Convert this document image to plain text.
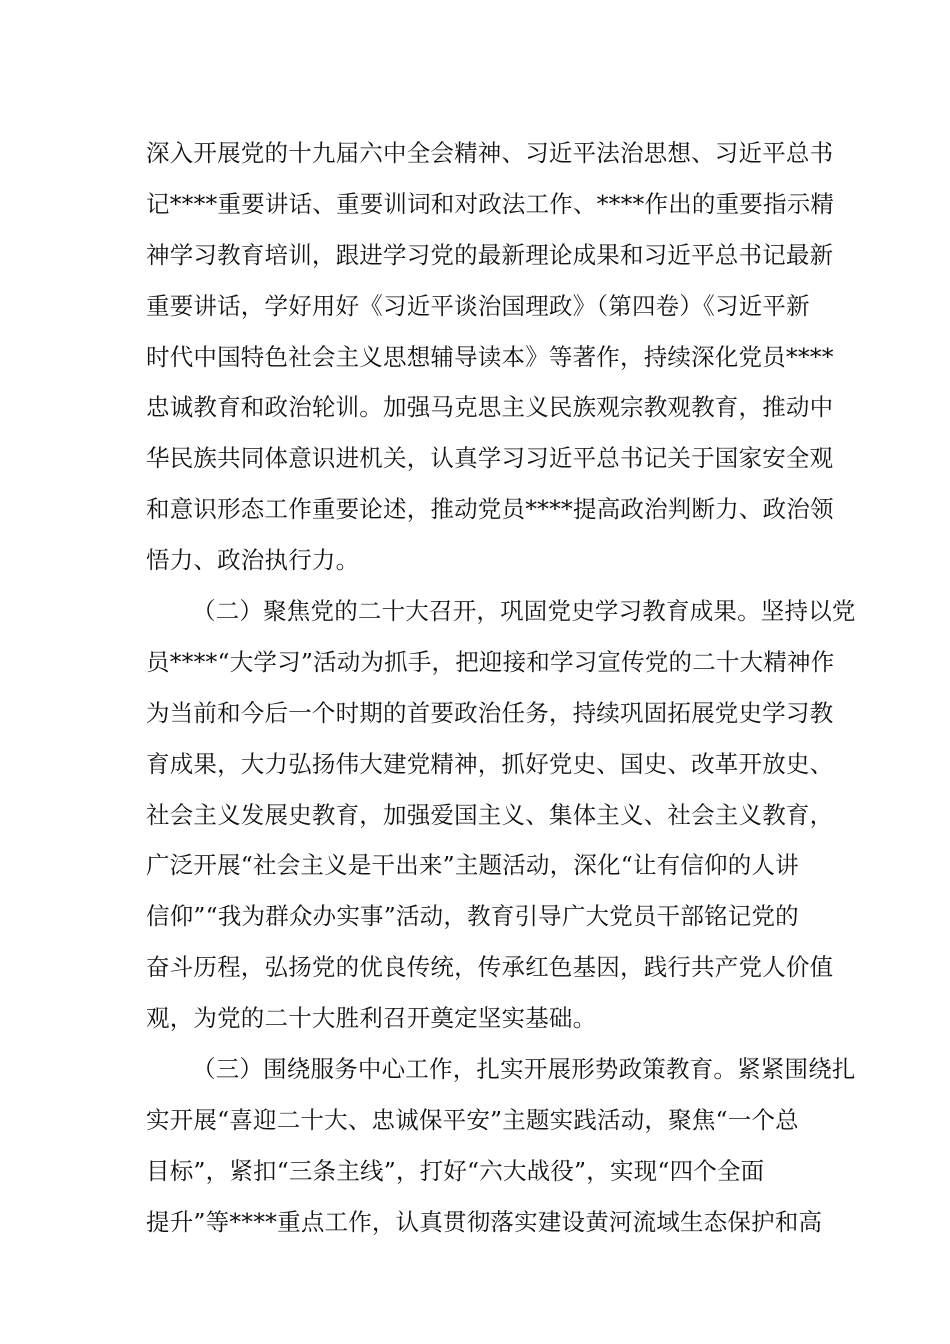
深入开展党的十九届六中全会精神、习近平法治思想、习近平总书
记****重要讲话、重要训词和对政法工作、****作出的重要指示精
神学习教育培训，跟进学习党的最新理论成果和习近平总书记最新
重要讲话，学好用好《习近平谈治国理政》（第四卷）《习近平新
时代中国特色社会主义思想辅导读本》等著作，持续深化党员****
忠诚教育和政治轮训。加强马克思主义民族观宗教观教育，推动中
华民族共同体意识进机关，认真学习习近平总书记关于国家安全观
和意识形态工作重要论述，推动党员****提高政治判断力、政治领
悟力、政治执行力。
（二）聚焦党的二十大召开，巩固党史学习教育成果。坚持以党
员****“大学习”活动为抓手，把迎接和学习宣传党的二十大精神作
为当前和今后一个时期的首要政治任务，持续巩固拓展党史学习教
育成果，大力弘扬伟大建党精神，抓好党史、国史、改革开放史、
社会主义发展史教育，加强爱国主义、集体主义、社会主义教育，
广泛开展“社会主义是干出来”主题活动，深化“让有信仰的人讲
信仰”“我为群众办实事”活动，教育引导广大党员干部铭记党的
奋斗历程，弘扬党的优良传统，传承红色基因，践行共产党人价值
观，为党的二十大胜利召开奠定坚实基础。
（三）围绕服务中心工作，扎实开展形势政策教育。紧紧围绕扎
实开展“喜迎二十大、忠诚保平安”主题实践活动，聚焦“一个总
目标”，紧扣“三条主线”，打好“六大战役”，实现“四个全面
提升”等****重点工作，认真贯彻落实建设黄河流域生态保护和高
